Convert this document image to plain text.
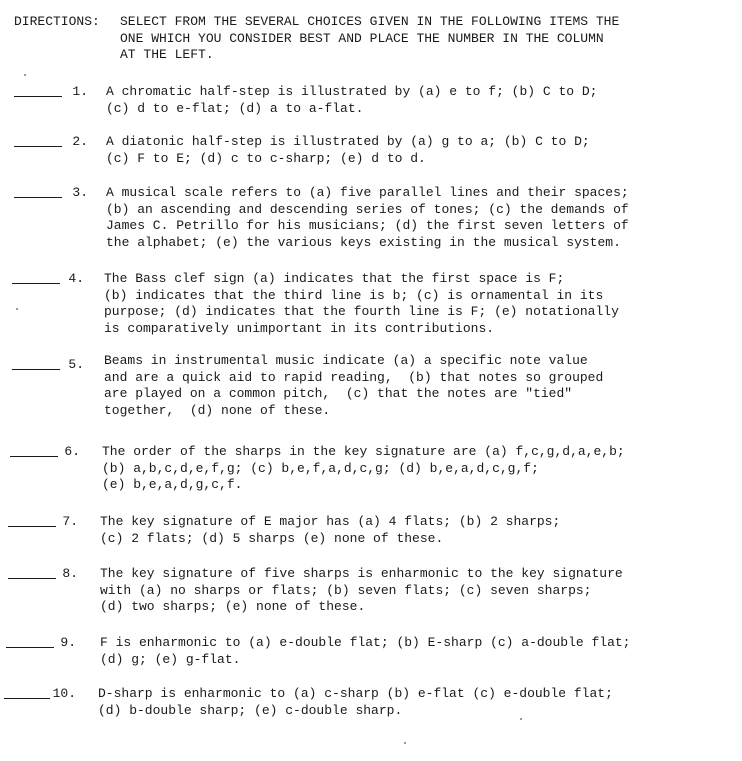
DIRECTIONS: SELECT FROM THE SEVERAL CHOICES GIVEN IN THE FOLLOWING ITEMS THE
ONE WHICH YOU CONSIDER BEST AND PLACE THE NUMBER IN THE COLUMN
AT THE LEFT.
1. A chromatic half-step is illustrated by (a) e to f; (b) C to D;
(c) d to e-flat; (d) a to a-flat.
2. A diatonic half-step is illustrated by (a) g to a; (b) C to D;
(c) F to E; (d) c to c-sharp; (e) d to d.
3. A musical scale refers to (a) five parallel lines and their spaces;
(b) an ascending and descending series of tones; (c) the demands of
James C. Petrillo for his musicians; (d) the first seven letters of
the alphabet; (e) the various keys existing in the musical system.
4. The Bass clef sign (a) indicates that the first space is F;
(b) indicates that the third line is b; (c) is ornamental in its
purpose; (d) indicates that the fourth line is F; (e) notationally
is comparatively unimportant in its contributions.
5. Beams in instrumental music indicate (a) a specific note value
and are a quick aid to rapid reading,  (b) that notes so grouped
are played on a common pitch,  (c) that the notes are "tied"
together,  (d) none of these.
6. The order of the sharps in the key signature are (a) f,c,g,d,a,e,b;
(b) a,b,c,d,e,f,g; (c) b,e,f,a,d,c,g; (d) b,e,a,d,c,g,f;
(e) b,e,a,d,g,c,f.
7. The key signature of E major has (a) 4 flats; (b) 2 sharps;
(c) 2 flats; (d) 5 sharps (e) none of these.
8. The key signature of five sharps is enharmonic to the key signature
with (a) no sharps or flats; (b) seven flats; (c) seven sharps;
(d) two sharps; (e) none of these.
9. F is enharmonic to (a) e-double flat; (b) E-sharp (c) a-double flat;
(d) g; (e) g-flat.
10. D-sharp is enharmonic to (a) c-sharp (b) e-flat (c) e-double flat;
(d) b-double sharp; (e) c-double sharp.
